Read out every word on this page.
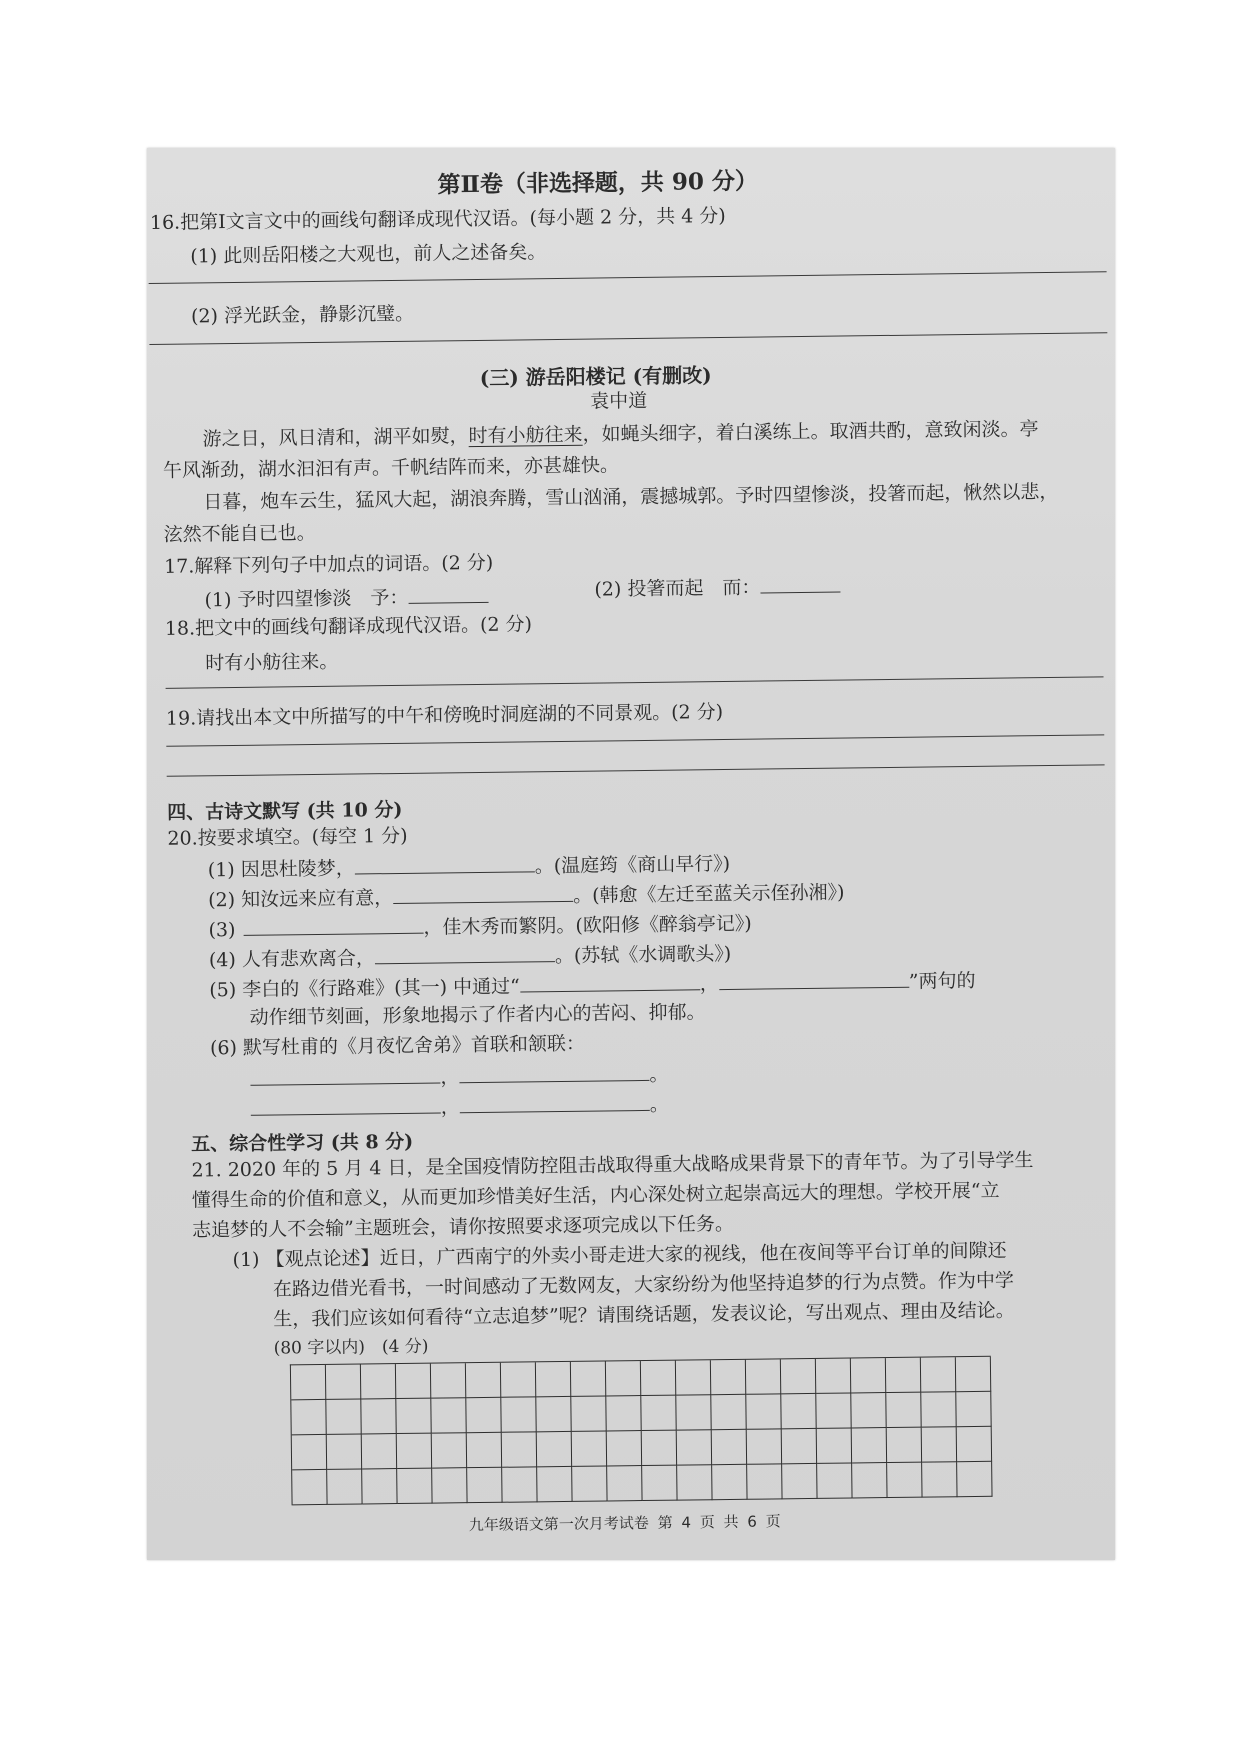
第Ⅱ卷（非选择题，共 90 分）
16.把第Ⅰ文言文中的画线句翻译成现代汉语。(每小题 2 分，共 4 分)
(1) 此则岳阳楼之大观也，前人之述备矣。
(2) 浮光跃金，静影沉璧。
(三) 游岳阳楼记 (有删改)
袁中道
游之日，风日清和，湖平如熨，时有小舫往来，如蝇头细字，着白溪练上。取酒共酌，意致闲淡。亭
午风渐劲，湖水汩汩有声。千帆结阵而来，亦甚雄快。
日暮，炮车云生，猛风大起，湖浪奔腾，雪山汹涌，震撼城郭。予时四望惨淡，投箸而起，愀然以悲，
泫然不能自已也。
17.解释下列句子中加点的词语。(2 分)
(1) 予时四望惨淡　予：	(2) 投箸而起　而：
18.把文中的画线句翻译成现代汉语。(2 分)
时有小舫往来。
19.请找出本文中所描写的中午和傍晚时洞庭湖的不同景观。(2 分)
四、古诗文默写 (共 10 分)
20.按要求填空。(每空 1 分)
(1) 因思杜陵梦，	。(温庭筠《商山早行》)
(2) 知汝远来应有意，	。(韩愈《左迁至蓝关示侄孙湘》)
(3)	，佳木秀而繁阴。(欧阳修《醉翁亭记》)
(4) 人有悲欢离合，	。(苏轼《水调歌头》)
(5) 李白的《行路难》(其一) 中通过“	，	”两句的
动作细节刻画，形象地揭示了作者内心的苦闷、抑郁。
(6) 默写杜甫的《月夜忆舍弟》首联和颔联：
，	。
，	。
五、综合性学习 (共 8 分)
21. 2020 年的 5 月 4 日，是全国疫情防控阻击战取得重大战略成果背景下的青年节。为了引导学生
懂得生命的价值和意义，从而更加珍惜美好生活，内心深处树立起崇高远大的理想。学校开展“立
志追梦的人不会输”主题班会，请你按照要求逐项完成以下任务。
(1) 【观点论述】近日，广西南宁的外卖小哥走进大家的视线，他在夜间等平台订单的间隙还
在路边借光看书，一时间感动了无数网友，大家纷纷为他坚持追梦的行为点赞。作为中学
生，我们应该如何看待“立志追梦”呢？请围绕话题，发表议论，写出观点、理由及结论。
(80 字以内)　(4 分)
九年级语文第一次月考试卷 第 4 页 共 6 页
